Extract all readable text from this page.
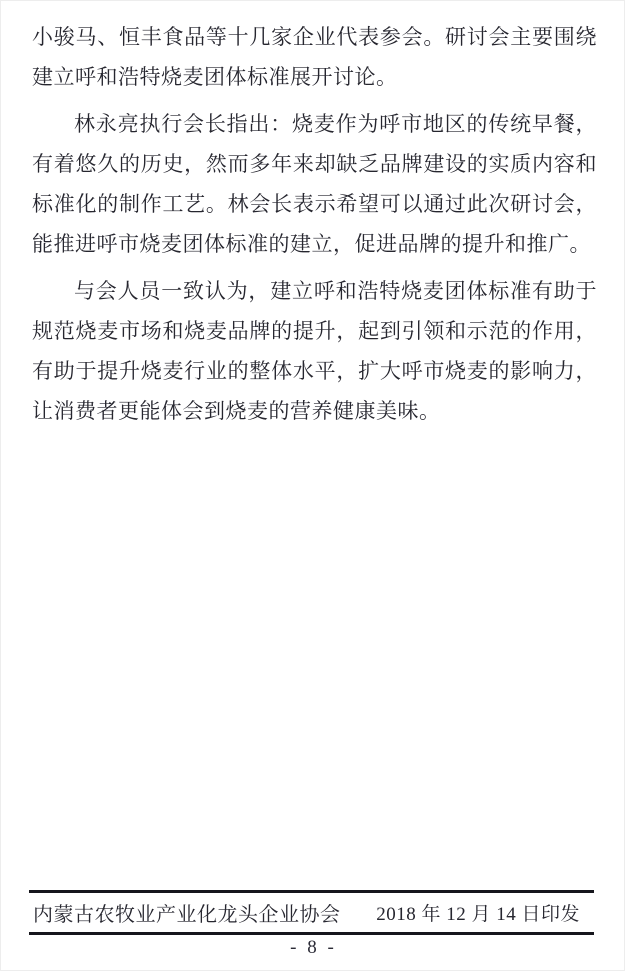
小骏马、恒丰食品等十几家企业代表参会。研讨会主要围绕建立呼和浩特烧麦团体标准展开讨论。

林永亮执行会长指出：烧麦作为呼市地区的传统早餐，有着悠久的历史，然而多年来却缺乏品牌建设的实质内容和标准化的制作工艺。林会长表示希望可以通过此次研讨会，能推进呼市烧麦团体标准的建立，促进品牌的提升和推广。

与会人员一致认为，建立呼和浩特烧麦团体标准有助于规范烧麦市场和烧麦品牌的提升，起到引领和示范的作用，有助于提升烧麦行业的整体水平，扩大呼市烧麦的影响力，让消费者更能体会到烧麦的营养健康美味。

内蒙古农牧业产业化龙头企业协会 2018 年 12 月 14 日印发
- 8 -
